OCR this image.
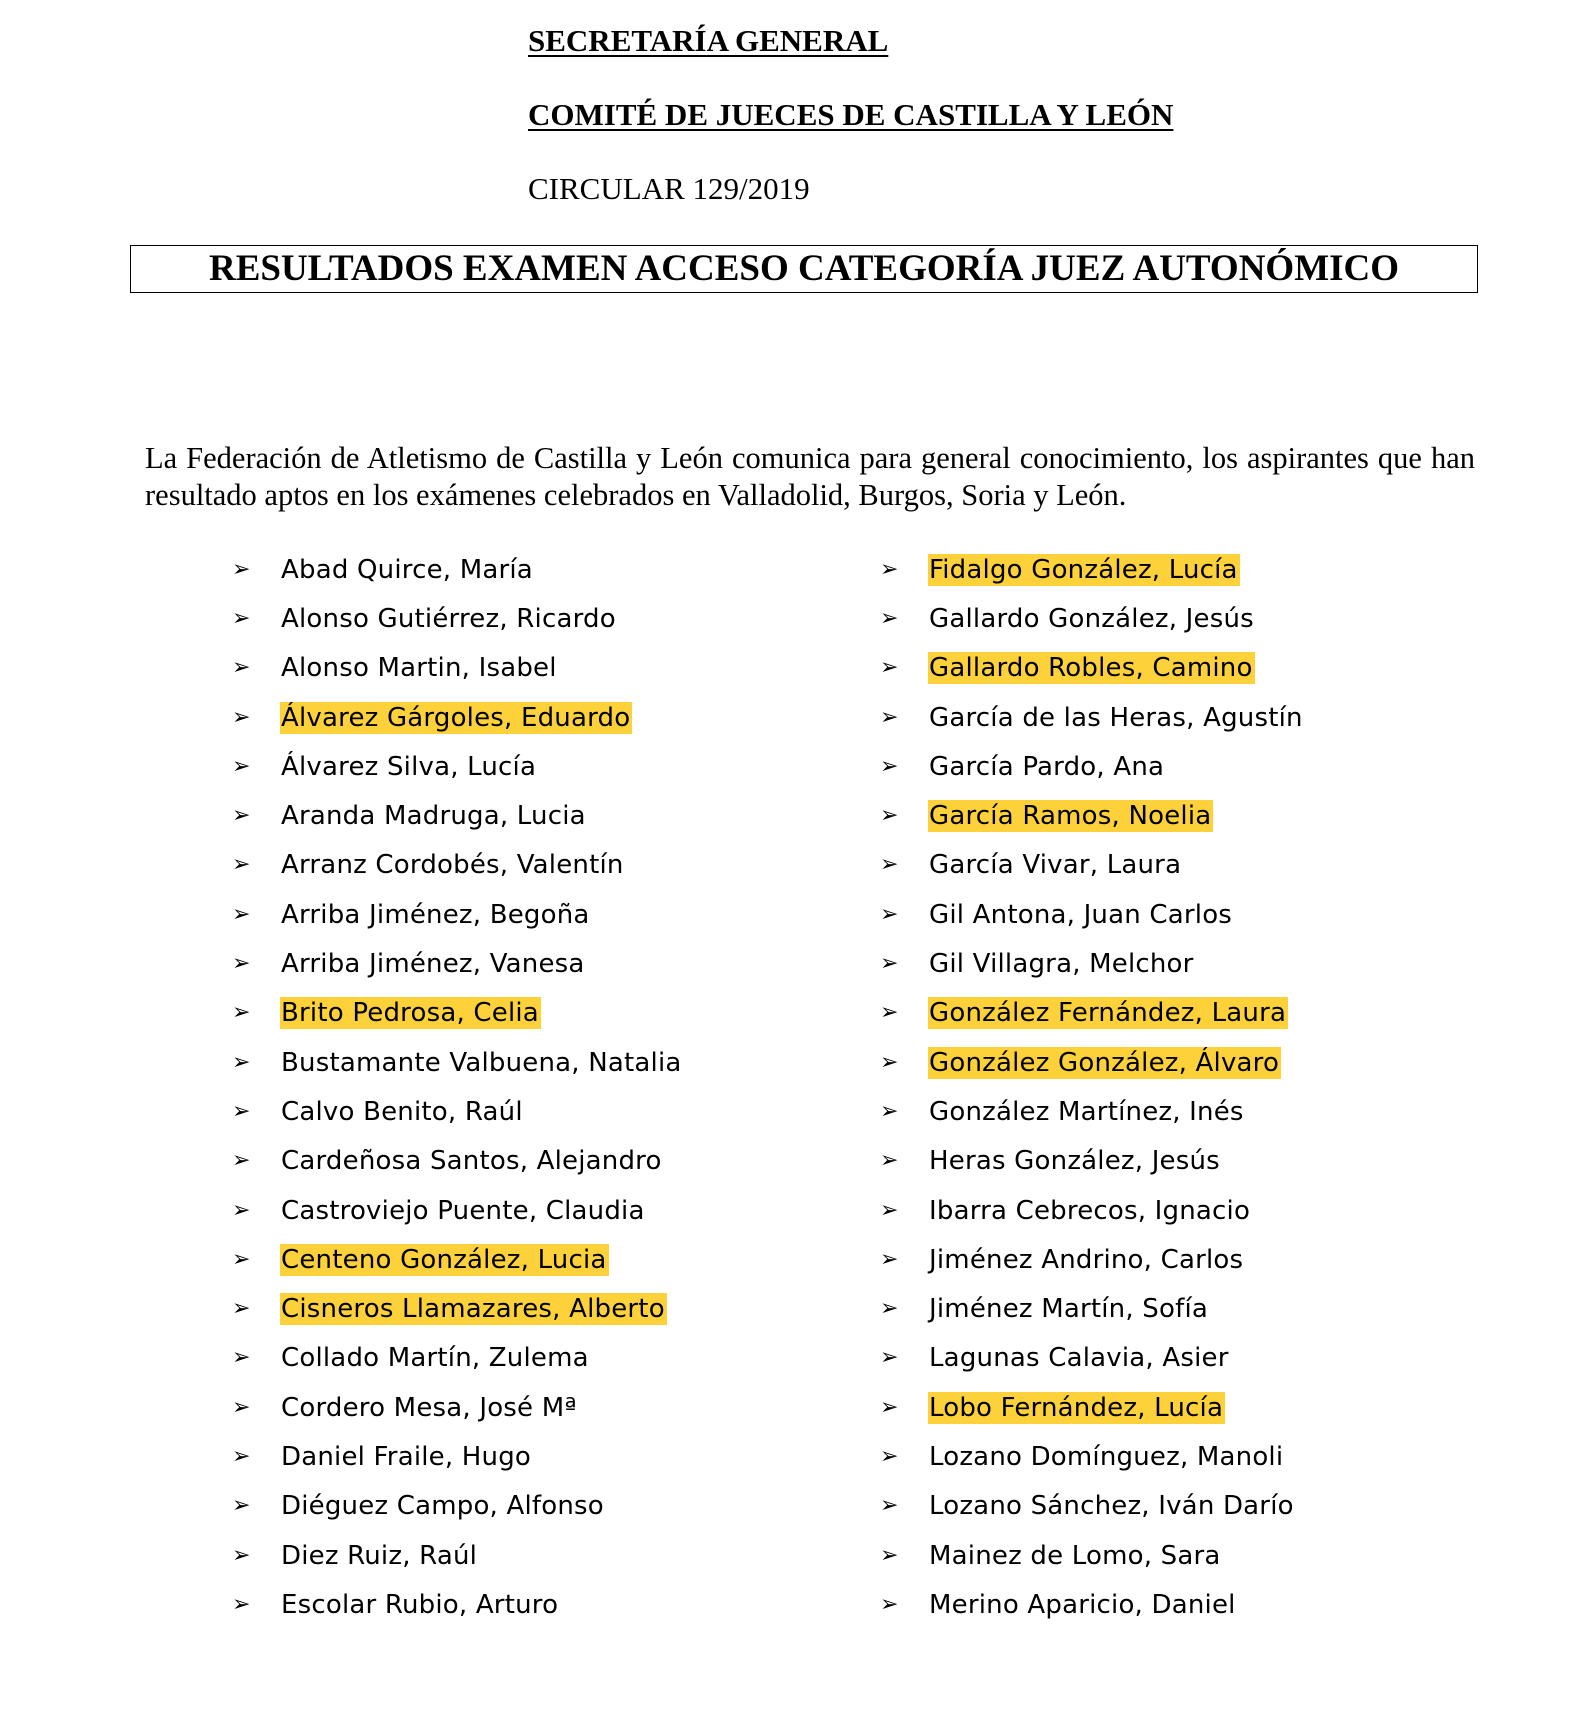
SECRETARÍA GENERAL
COMITÉ DE JUECES DE CASTILLA Y LEÓN
CIRCULAR 129/2019
RESULTADOS EXAMEN ACCESO CATEGORÍA JUEZ AUTONÓMICO

La Federación de Atletismo de Castilla y León comunica para general conocimiento, los aspirantes que han resultado aptos en los exámenes celebrados en Valladolid, Burgos, Soria y León.

➢	Abad Quirce, María
➢	Alonso Gutiérrez, Ricardo
➢	Alonso Martin, Isabel
➢	Álvarez Gárgoles, Eduardo
➢	Álvarez Silva, Lucía
➢	Aranda Madruga, Lucia
➢	Arranz Cordobés, Valentín
➢	Arriba Jiménez, Begoña
➢	Arriba Jiménez, Vanesa
➢	Brito Pedrosa, Celia
➢	Bustamante Valbuena, Natalia
➢	Calvo Benito, Raúl
➢	Cardeñosa Santos, Alejandro
➢	Castroviejo Puente, Claudia
➢	Centeno González, Lucia
➢	Cisneros Llamazares, Alberto
➢	Collado Martín, Zulema
➢	Cordero Mesa, José Mª
➢	Daniel Fraile, Hugo
➢	Diéguez Campo, Alfonso
➢	Diez Ruiz, Raúl
➢	Escolar Rubio, Arturo
➢	Fidalgo González, Lucía
➢	Gallardo González, Jesús
➢	Gallardo Robles, Camino
➢	García de las Heras, Agustín
➢	García Pardo, Ana
➢	García Ramos, Noelia
➢	García Vivar, Laura
➢	Gil Antona, Juan Carlos
➢	Gil Villagra, Melchor
➢	González Fernández, Laura
➢	González González, Álvaro
➢	González Martínez, Inés
➢	Heras González, Jesús
➢	Ibarra Cebrecos, Ignacio
➢	Jiménez Andrino, Carlos
➢	Jiménez Martín, Sofía
➢	Lagunas Calavia, Asier
➢	Lobo Fernández, Lucía
➢	Lozano Domínguez, Manoli
➢	Lozano Sánchez, Iván Darío
➢	Mainez de Lomo, Sara
➢	Merino Aparicio, Daniel
